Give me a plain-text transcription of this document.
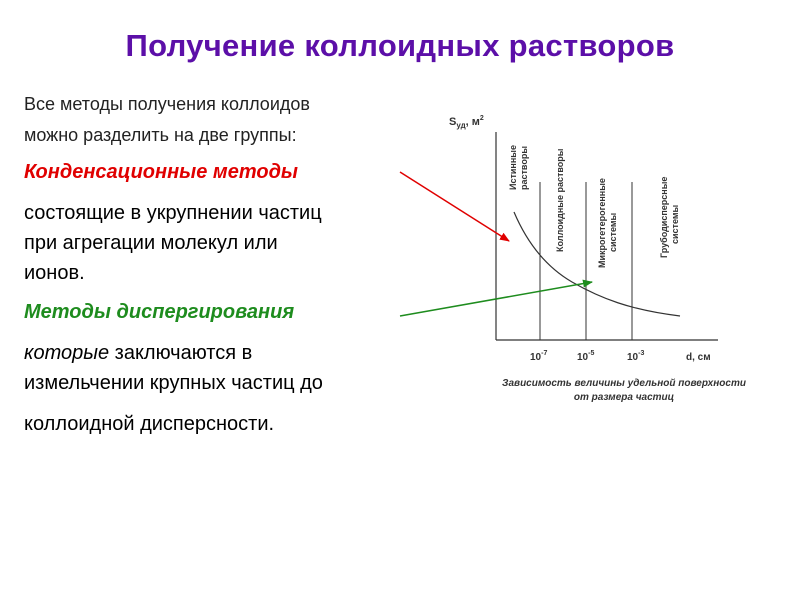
Получение коллоидных растворов
Все методы получения коллоидов
можно разделить на две группы:
Конденсационные методы
состоящие в укрупнении частиц
при агрегации молекул или
ионов.
Методы диспергирования
которые заключаются в
измельчении крупных частиц до
коллоидной дисперсности.
$S_{уд}$, $м^2$
Истинные растворы	Коллоидные растворы	Микрогетерогенные системы	Грубодисперсные системы
$10^{-7}$	$10^{-5}$	$10^{-3}$	d, см
Зависимость величины удельной поверхности
от размера частиц
